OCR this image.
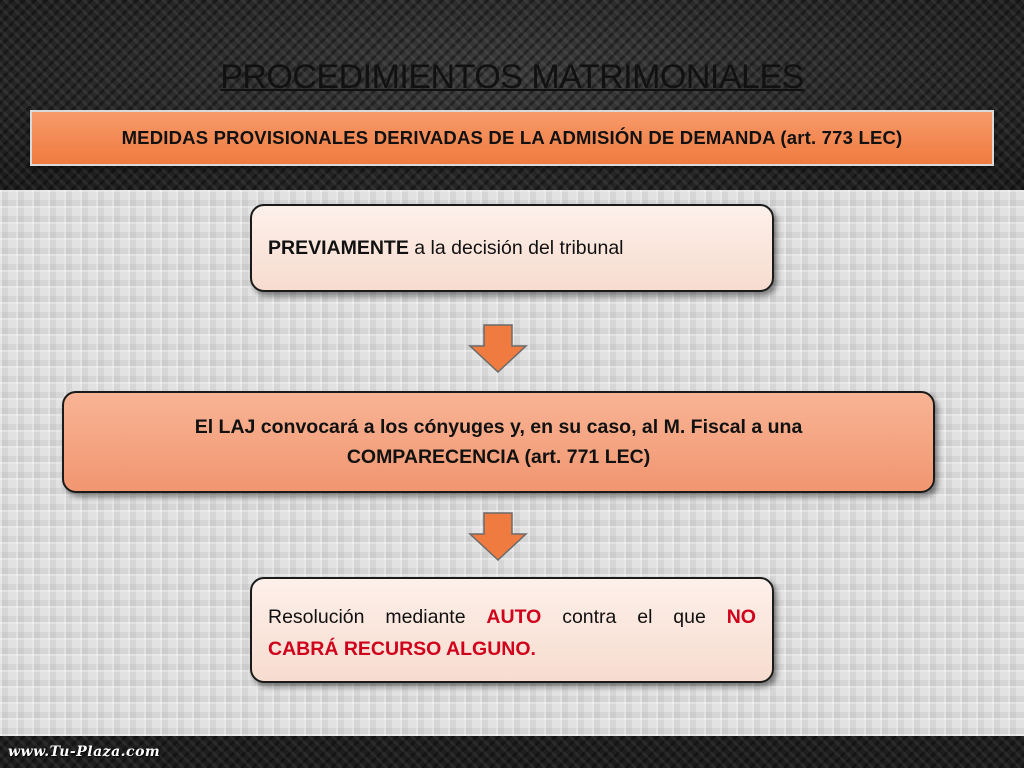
PROCEDIMIENTOS MATRIMONIALES
MEDIDAS PROVISIONALES DERIVADAS DE LA ADMISIÓN DE DEMANDA (art. 773 LEC)
PREVIAMENTE a la decisión del tribunal
El LAJ convocará a los cónyuges y, en su caso, al M. Fiscal a una
COMPARECENCIA (art. 771 LEC)
Resolución mediante AUTO contra el que NO
CABRÁ RECURSO ALGUNO.
www.Tu-Plaza.com
